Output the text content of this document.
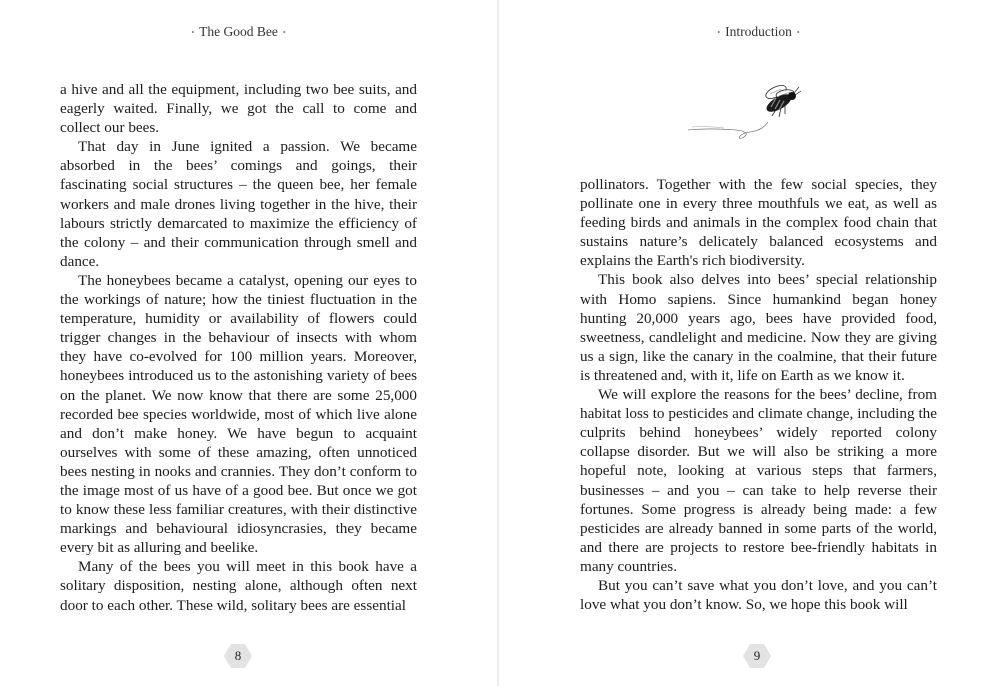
• The Good Bee •

a hive and all the equipment, including two bee suits, and eagerly waited. Finally, we got the call to come and collect our bees.

That day in June ignited a passion. We became absorbed in the bees’ comings and goings, their fascinating social structures – the queen bee, her female workers and male drones living together in the hive, their labours strictly demarcated to maximize the efficiency of the colony – and their communication through smell and dance.

The honeybees became a catalyst, opening our eyes to the workings of nature; how the tiniest fluctuation in the temperature, humidity or availability of flowers could trigger changes in the behaviour of insects with whom they have co-evolved for 100 million years. Moreover, honeybees introduced us to the astonishing variety of bees on the planet. We now know that there are some 25,000 recorded bee species worldwide, most of which live alone and don’t make honey. We have begun to acquaint ourselves with some of these amazing, often unnoticed bees nesting in nooks and crannies. They don’t conform to the image most of us have of a good bee. But once we got to know these less familiar creatures, with their distinctive markings and behavioural idiosyncrasies, they became every bit as alluring and beelike.

Many of the bees you will meet in this book have a solitary disposition, nesting alone, although often next door to each other. These wild, solitary bees are essential

8
• Introduction •

pollinators. Together with the few social species, they pollinate one in every three mouthfuls we eat, as well as feeding birds and animals in the complex food chain that sustains nature’s delicately balanced ecosystems and explains the Earth's rich biodiversity.

This book also delves into bees’ special relationship with Homo sapiens. Since humankind began honey hunting 20,000 years ago, bees have provided food, sweetness, candlelight and medicine. Now they are giving us a sign, like the canary in the coalmine, that their future is threatened and, with it, life on Earth as we know it.

We will explore the reasons for the bees’ decline, from habitat loss to pesticides and climate change, including the culprits behind honeybees’ widely reported colony collapse disorder. But we will also be striking a more hopeful note, looking at various steps that farmers, businesses – and you – can take to help reverse their fortunes. Some progress is already being made: a few pesticides are already banned in some parts of the world, and there are projects to restore bee-friendly habitats in many countries.

But you can’t save what you don’t love, and you can’t love what you don’t know. So, we hope this book will

9
